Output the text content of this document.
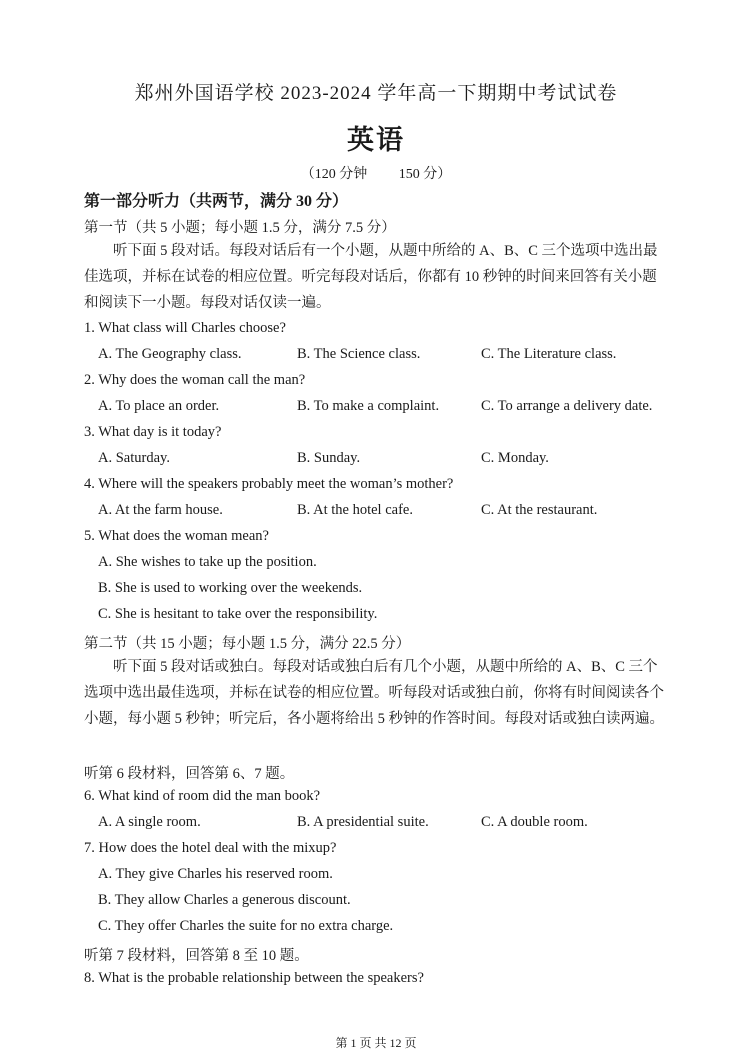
郑州外国语学校 2023-2024 学年高一下期期中考试试卷
英语
（120 分钟 150 分）
第一部分听力（共两节，满分 30 分）
第一节（共 5 小题；每小题 1.5 分，满分 7.5 分）
听下面 5 段对话。每段对话后有一个小题，从题中所给的 A、B、C 三个选项中选出最佳选项，并标在试卷的相应位置。听完每段对话后，你都有 10 秒钟的时间来回答有关小题和阅读下一小题。每段对话仅读一遍。
1. What class will Charles choose?
A. The Geography class.	B. The Science class.	C. The Literature class.
2. Why does the woman call the man?
A. To place an order.	B. To make a complaint.	C. To arrange a delivery date.
3. What day is it today?
A. Saturday.	B. Sunday.	C. Monday.
4. Where will the speakers probably meet the woman’s mother?
A. At the farm house.	B. At the hotel cafe.	C. At the restaurant.
5. What does the woman mean?
A. She wishes to take up the position.
B. She is used to working over the weekends.
C. She is hesitant to take over the responsibility.
第二节（共 15 小题；每小题 1.5 分，满分 22.5 分）
听下面 5 段对话或独白。每段对话或独白后有几个小题，从题中所给的 A、B、C 三个选项中选出最佳选项，并标在试卷的相应位置。听每段对话或独白前，你将有时间阅读各个小题，每小题 5 秒钟；听完后，各小题将给出 5 秒钟的作答时间。每段对话或独白读两遍。
听第 6 段材料，回答第 6、7 题。
6. What kind of room did the man book?
A. A single room.	B. A presidential suite.	C. A double room.
7. How does the hotel deal with the mixup?
A. They give Charles his reserved room.
B. They allow Charles a generous discount.
C. They offer Charles the suite for no extra charge.
听第 7 段材料，回答第 8 至 10 题。
8. What is the probable relationship between the speakers?
第 1 页 共 12 页
